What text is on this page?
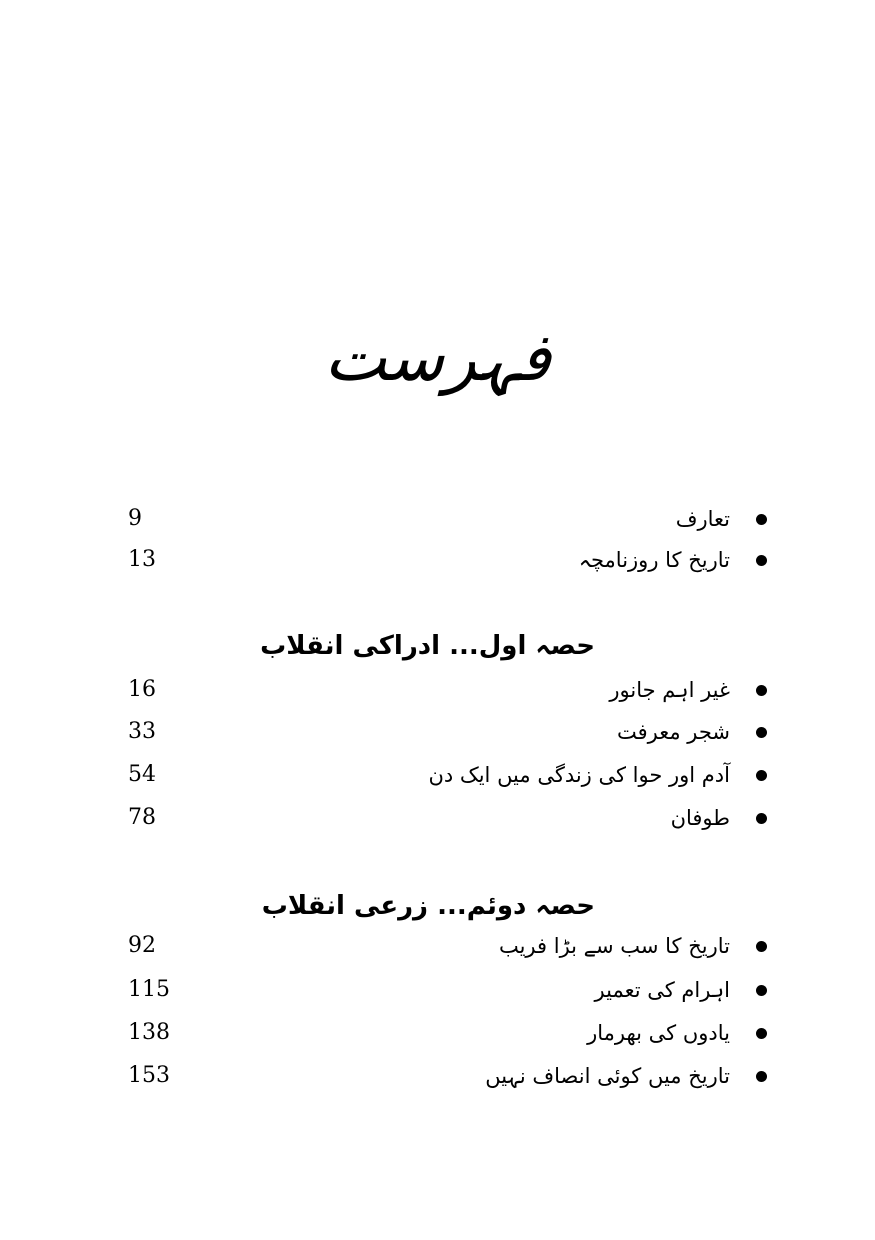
فہرست
تعارف
9
تاریخ کا روزنامچہ
13
حصہ اول... ادراکی انقلاب
غیر اہم جانور
16
شجر معرفت
33
آدم اور حوا کی زندگی میں ایک دن
54
طوفان
78
حصہ دوئم... زرعی انقلاب
تاریخ کا سب سے بڑا فریب
92
اہرام کی تعمیر
115
یادوں کی بھرمار
138
تاریخ میں کوئی انصاف نہیں
153
